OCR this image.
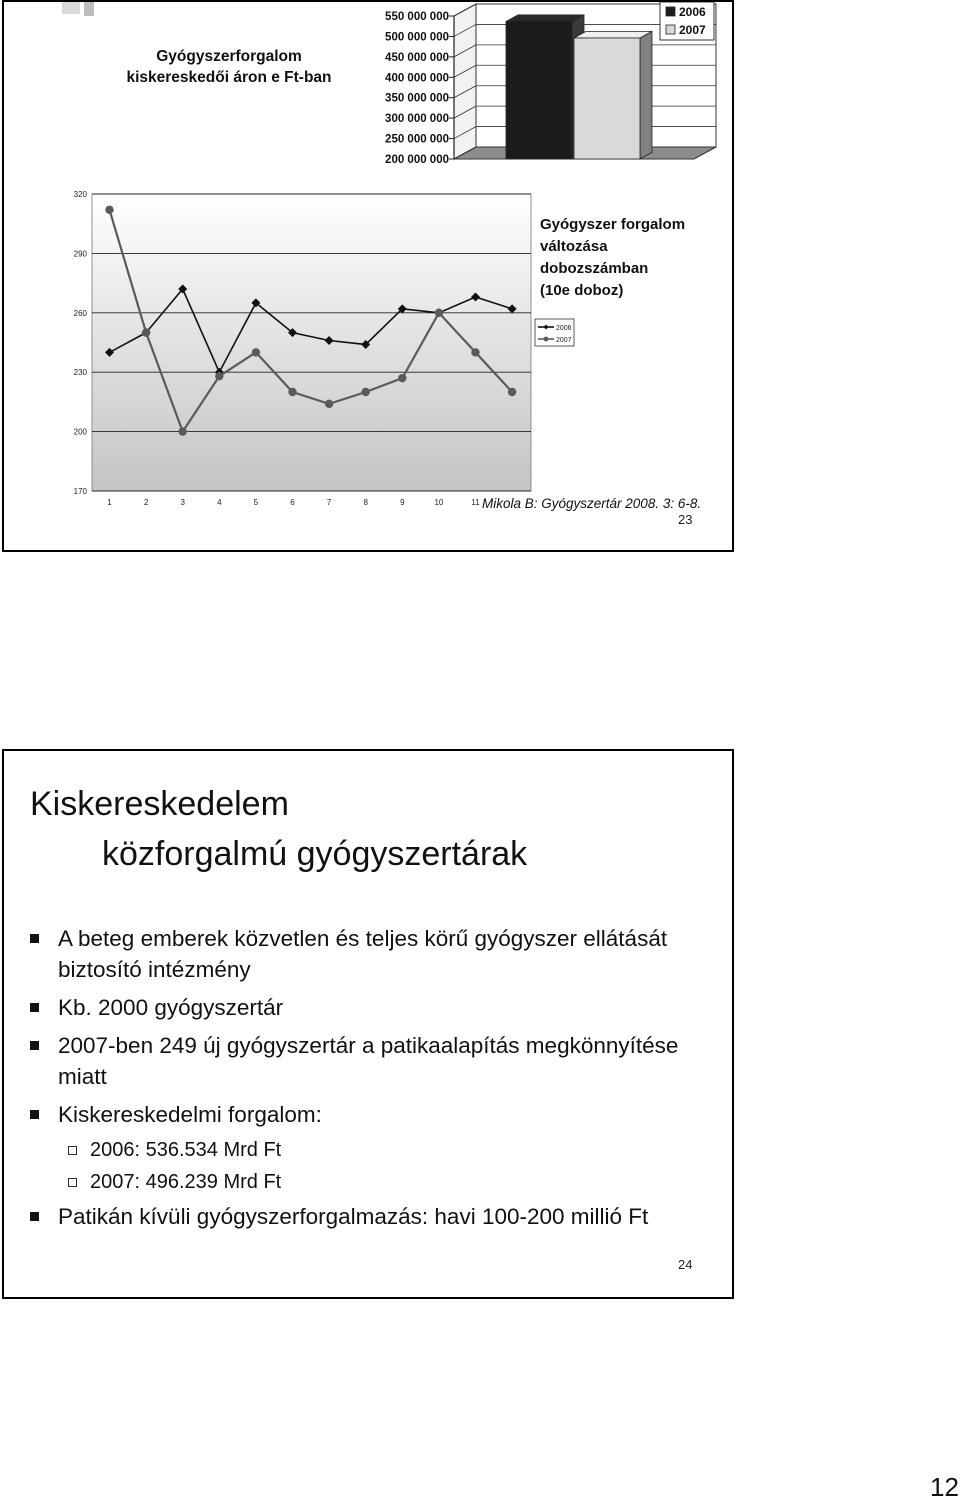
Gyógyszerforgalom
kiskereskedői áron e Ft-ban
550 000 000
500 000 000
450 000 000
400 000 000
350 000 000
300 000 000
250 000 000
200 000 000
2006
2007
320
290
260
230
200
170
1	2	3	4	5	6	7	8	9	10	11
Gyógyszer forgalom
változása
dobozszámban
(10e doboz)
2006
2007
Mikola B: Gyógyszertár 2008. 3: 6-8.
23
Kiskereskedelem
közforgalmú gyógyszertárak
A beteg emberek közvetlen és teljes körű gyógyszer ellátását biztosító intézmény
Kb. 2000 gyógyszertár
2007-ben 249 új gyógyszertár a patikaalapítás megkönnyítése miatt
Kiskereskedelmi forgalom:
2006: 536.534 Mrd Ft
2007: 496.239 Mrd Ft
Patikán kívüli gyógyszerforgalmazás: havi 100-200 millió Ft
24
12
